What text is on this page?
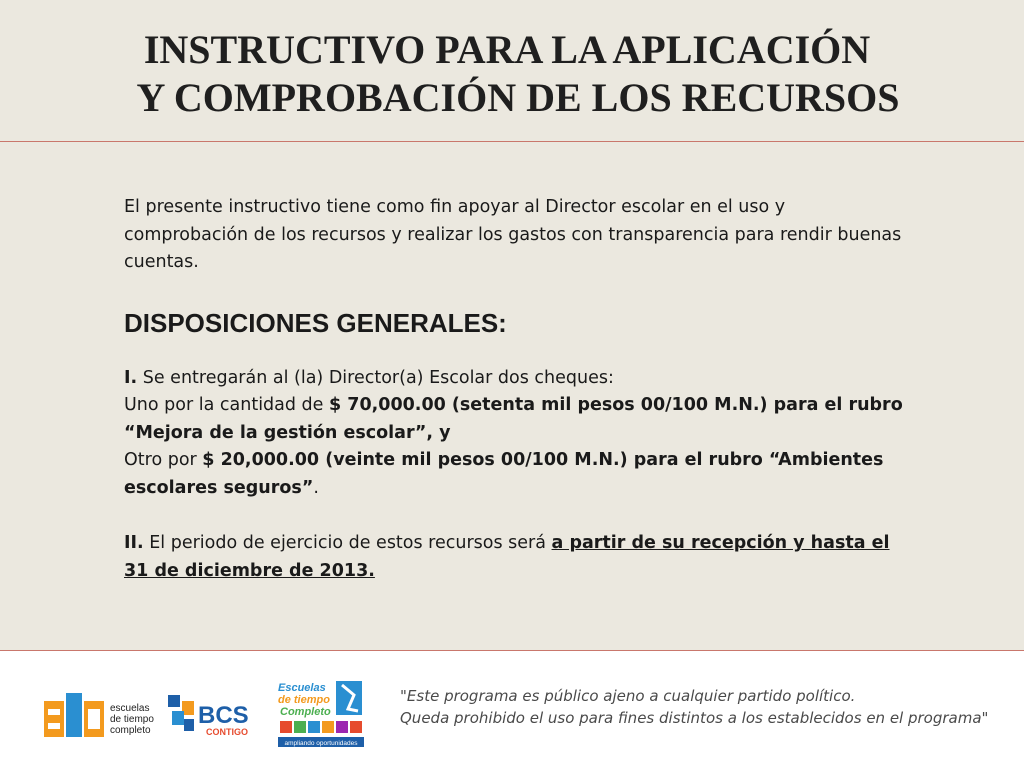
INSTRUCTIVO PARA LA APLICACIÓN
Y COMPROBACIÓN DE LOS RECURSOS

El presente instructivo tiene como fin apoyar al Director escolar en el uso y comprobación de los recursos y realizar los gastos con transparencia para rendir buenas cuentas.

DISPOSICIONES GENERALES:
I. Se entregarán al (la) Director(a) Escolar dos cheques:
Uno por la cantidad de $ 70,000.00 (setenta mil pesos 00/100 M.N.) para el rubro “Mejora de la gestión escolar”, y
Otro por $ 20,000.00 (veinte mil pesos 00/100 M.N.) para el rubro “Ambientes escolares seguros”.
II. El periodo de ejercicio de estos recursos será a partir de su recepción y hasta el 31 de diciembre de 2013.
escuelas
de tiempo
completo
BCS
CONTIGO
Escuelas
de tiempo
Completo
ampliando oportunidades
"Este programa es público ajeno a cualquier partido político.
Queda prohibido el uso para fines distintos a los establecidos en el programa"
